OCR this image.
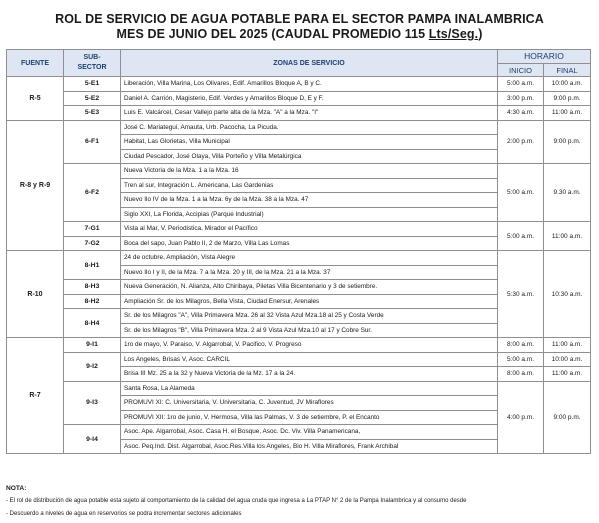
ROL DE SERVICIO DE AGUA POTABLE PARA EL SECTOR PAMPA INALAMBRICA
MES DE JUNIO DEL 2025 (CAUDAL PROMEDIO 115 Lts/Seg.)
FUENTE	SUB-SECTOR	ZONAS DE SERVICIO	HORARIO	
			INICIO	FINAL
R-5	5-E1	Liberación, Villa Marina, Los Olivares, Edif. Amarillos Bloque A, B y C.	5:00 a.m.	10:00 a.m.
	5-E2	Daniel A. Carrión, Magisterio, Edif. Verdes y Amarillos Bloque D, E y F.	3:00 p.m.	9:00 p.m.
	5-E3	Luis E. Valcárcel, Cesar Vallejo parte alta de la Mza. "A" a la Mza. "I"	4:30 a.m.	11:00 a.m.
R-8 y R-9	6-F1	José C. Mariategui, Amauta, Urb. Pacocha, La Picuda.	2:00 p.m.	9:00 p.m.
		Habitat, Las Glorietas, Villa Municipal		
		Ciudad Pescador, José Olaya, Villa Porteño y Villa Metalúrgica		
	6-F2	Nueva Victoria de la Mza. 1 a la Mza. 16	5:00 a.m.	9.30 a.m.
		Tren al sur, Integración L. Americana, Las Gardenias		
		Nuevo Ilo IV de la Mza. 1 a la Mza. 6y de la Mza. 38 a la Mza. 47		
		Siglo XXI, La Florida, Accipias (Parque Industrial)		
	7-G1	Vista al Mar, V. Periodistica, Mirador el Pacífico	5:00 a.m.	11:00 a.m.
	7-G2	Boca del sapo, Juan Pablo II, 2 de Marzo, Villa Las Lomas		
R-10	8-H1	24 de octubre, Ampliación, Vista Alegre	5:30 a.m.	10:30 a.m.
		Nuevo Ilo I y II, de la Mza. 7 a la Mza. 20 y III, de la Mza. 21 a la Mza. 37		
	8-H3	Nueva Generación, N. Alianza, Alto Chiribaya, Piletas Villa Bicentenario y 3 de setiembre.		
	8-H2	Ampliación Sr. de los Milagros, Bella Vista, Ciudad Enersur, Arenales		
	8-H4	Sr. de los Milagros "A", Villa Primavera Mza. 26 al 32 Vista Azul Mza.18 al 25 y Costa Verde		
		Sr. de los Milagros "B", Villa Primavera Mza. 2 al 9 Vista Azul Mza.10 al 17 y Cobre Sur.		
R-7	9-I1	1ro de mayo, V. Paraiso, V. Algarrobal, V. Pacifico, V. Progreso	8:00 a.m.	11:00 a.m.
	9-I2	Los Angeles, Brisas V, Asoc. CARCIL	5:00 a.m.	10:00 a.m.
		Brisa III Mz. 25 a la 32 y Nueva Victoria de la Mz. 17 a la 24.	8:00 a.m.	11:00 a.m.
	9-I3	Santa Rosa, La Alameda	4:00 p.m.	9:00 p.m.
		PROMUVI XI: C. Universitaria, V. Universitaria, C. Juventud, JV Miraflores		
		PROMUVI XII: 1ro de junio, V. Hermosa, Villa las Palmas, V. 3 de setiembre, P. el Encanto		
	9-I4	Asoc. Ape. Algarrobal, Asoc. Casa H. el Bosque, Asoc. Dc. Viv. Villa Panamericana,		
		Asoc. Peq.Ind. Dist. Algarrobal, Asoc.Res.Villa los Angeles, Bio H. Villa Miraflores, Frank Archibal		
NOTA:
- El rol de distribución de agua potable esta sujeto al comportamiento de la calidad del agua cruda que ingresa a La PTAP N° 2 de la Pampa Inalambrica y al consumo desde
- Descuerdo a niveles de agua en reservorios se podra incrementar sectores adicionales
